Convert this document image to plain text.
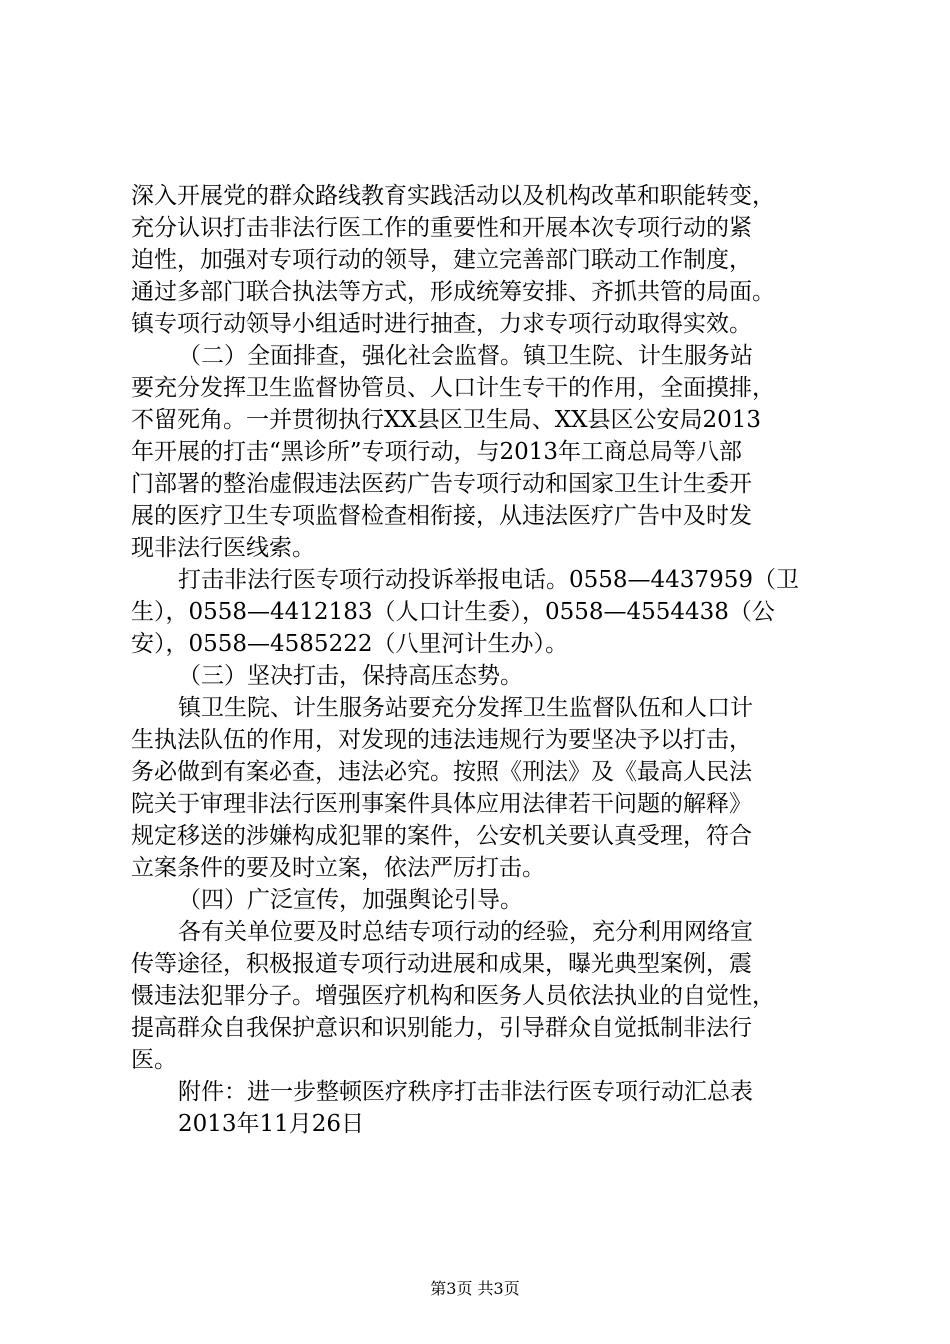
深入开展党的群众路线教育实践活动以及机构改革和职能转变，
充分认识打击非法行医工作的重要性和开展本次专项行动的紧
迫性，加强对专项行动的领导，建立完善部门联动工作制度，
通过多部门联合执法等方式，形成统筹安排、齐抓共管的局面。
镇专项行动领导小组适时进行抽查，力求专项行动取得实效。
（二）全面排查，强化社会监督。镇卫生院、计生服务站
要充分发挥卫生监督协管员、人口计生专干的作用，全面摸排，
不留死角。一并贯彻执行XX县区卫生局、XX县区公安局2013
年开展的打击“黑诊所”专项行动，与2013年工商总局等八部
门部署的整治虚假违法医药广告专项行动和国家卫生计生委开
展的医疗卫生专项监督检查相衔接，从违法医疗广告中及时发
现非法行医线索。
打击非法行医专项行动投诉举报电话。0558—4437959（卫
生），0558—4412183（人口计生委），0558—4554438（公
安），0558—4585222（八里河计生办）。
（三）坚决打击，保持高压态势。
镇卫生院、计生服务站要充分发挥卫生监督队伍和人口计
生执法队伍的作用，对发现的违法违规行为要坚决予以打击，
务必做到有案必查，违法必究。按照《刑法》及《最高人民法
院关于审理非法行医刑事案件具体应用法律若干问题的解释》
规定移送的涉嫌构成犯罪的案件，公安机关要认真受理，符合
立案条件的要及时立案，依法严厉打击。
（四）广泛宣传，加强舆论引导。
各有关单位要及时总结专项行动的经验，充分利用网络宣
传等途径，积极报道专项行动进展和成果，曝光典型案例，震
慑违法犯罪分子。增强医疗机构和医务人员依法执业的自觉性，
提高群众自我保护意识和识别能力，引导群众自觉抵制非法行
医。
附件：进一步整顿医疗秩序打击非法行医专项行动汇总表
2013年11月26日
第3页 共3页
